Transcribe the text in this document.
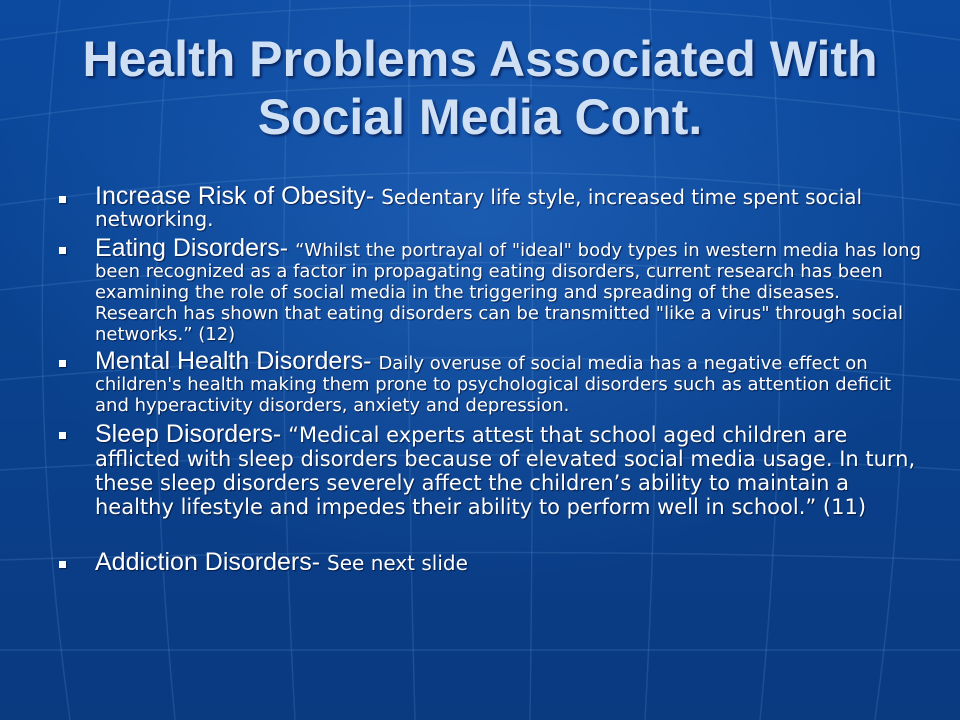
Health Problems Associated With
Social Media Cont.
Increase Risk of Obesity- Sedentary life style, increased time spent social networking.
Eating Disorders- “Whilst the portrayal of "ideal" body types in western media has long been recognized as a factor in propagating eating disorders, current research has been examining the role of social media in the triggering and spreading of the diseases. Research has shown that eating disorders can be transmitted "like a virus" through social networks.” (12)
Mental Health Disorders- Daily overuse of social media has a negative effect on children's health making them prone to psychological disorders such as attention deficit and hyperactivity disorders, anxiety and depression.
Sleep Disorders- “Medical experts attest that school aged children are afflicted with sleep disorders because of elevated social media usage. In turn, these sleep disorders severely affect the children’s ability to maintain a healthy lifestyle and impedes their ability to perform well in school.” (11)
Addiction Disorders- See next slide
